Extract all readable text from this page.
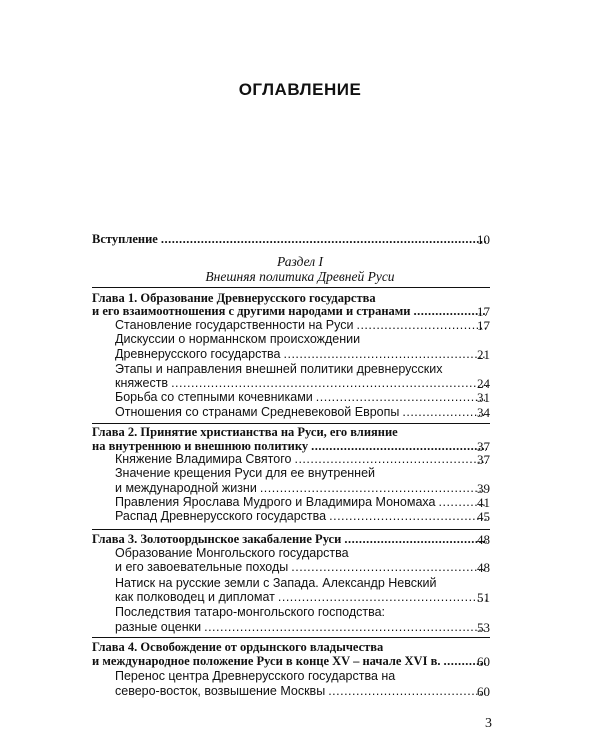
ОГЛАВЛЕНИЕ
Вступление .....	10
Раздел I
Внешняя политика Древней Руси
Глава 1. Образование Древнерусского государства
и его взаимоотношения с другими народами и странами .....	17
Становление государственности на Руси .....	17
Дискуссии о норманнском происхождении
Древнерусского государства .....	21
Этапы и направления внешней политики древнерусских
княжеств .....	24
Борьба со степными кочевниками .....	31
Отношения со странами Средневековой Европы .....	34
Глава 2. Принятие христианства на Руси, его влияние
на внутреннюю и внешнюю политику .....	37
Княжение Владимира Святого .....	37
Значение крещения Руси для ее внутренней
и международной жизни .....	39
Правления Ярослава Мудрого и Владимира Мономаха .....	41
Распад Древнерусского государства .....	45
Глава 3. Золотоордынское закабаление Руси .....	48
Образование Монгольского государства
и его завоевательные походы .....	48
Натиск на русские земли с Запада. Александр Невский
как полководец и дипломат .....	51
Последствия татаро-монгольского господства:
разные оценки .....	53
Глава 4. Освобождение от ордынского владычества
и международное положение Руси в конце XV – начале XVI в. .....	60
Перенос центра Древнерусского государства на
3
северо-восток, возвышение Москвы .....	60
